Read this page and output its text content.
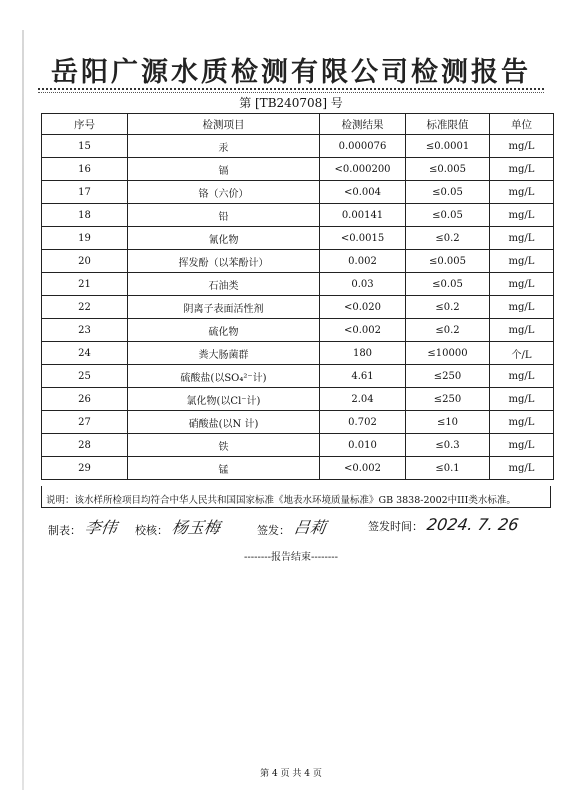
岳阳广源水质检测有限公司检测报告
第 [TB240708] 号
序号	检测项目	检测结果	标准限值	单位
15	汞	0.000076	≤0.0001	mg/L
16	镉	<0.000200	≤0.005	mg/L
17	铬（六价）	<0.004	≤0.05	mg/L
18	铅	0.00141	≤0.05	mg/L
19	氰化物	<0.0015	≤0.2	mg/L
20	挥发酚（以苯酚计）	0.002	≤0.005	mg/L
21	石油类	0.03	≤0.05	mg/L
22	阴离子表面活性剂	<0.020	≤0.2	mg/L
23	硫化物	<0.002	≤0.2	mg/L
24	粪大肠菌群	180	≤10000	个/L
25	硫酸盐(以SO₄²⁻计)	4.61	≤250	mg/L
26	氯化物(以Cl⁻计)	2.04	≤250	mg/L
27	硝酸盐(以N 计)	0.702	≤10	mg/L
28	铁	0.010	≤0.3	mg/L
29	锰	<0.002	≤0.1	mg/L
说明：该水样所检项目均符合中华人民共和国国家标准《地表水环境质量标准》GB 3838-2002中III类水标准。
制表： 李伟 校核： 杨玉梅	签发： 吕莉	签发时间： 2024. 7. 26
--------报告结束--------
第 4 页 共 4 页
